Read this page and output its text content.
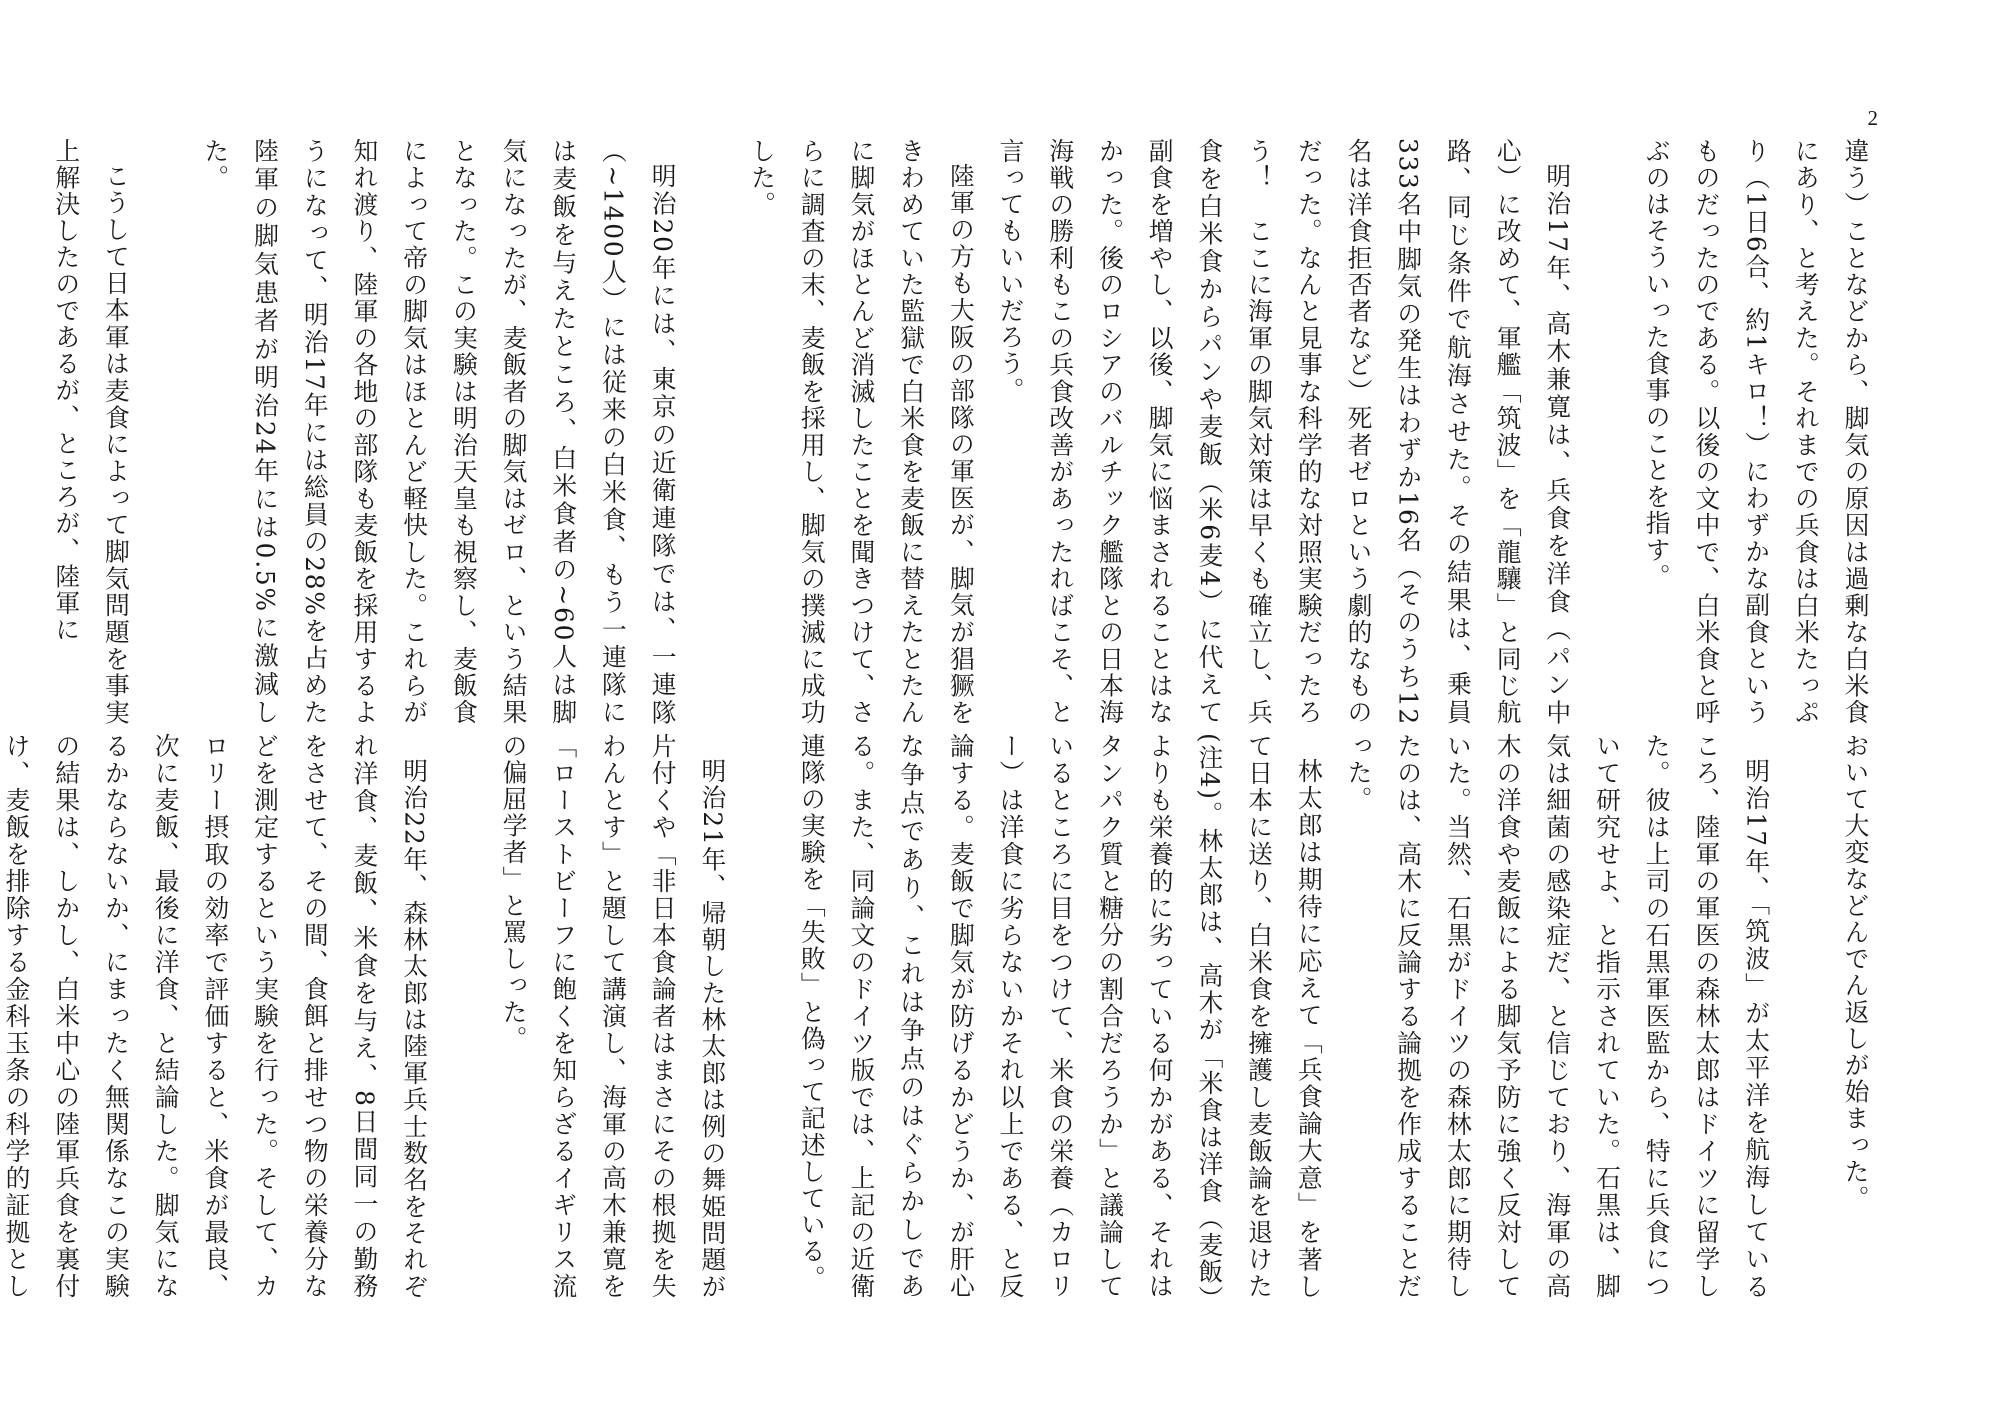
2

違う）ことなどから、脚気の原因は過剰な白米食にあり、と考えた。それまでの兵食は白米たっぷり（1日6合、約1キロ！）にわずかな副食というものだったのである。以後の文中で、白米食と呼ぶのはそういった食事のことを指す。

明治17年、高木兼寛は、兵食を洋食（パン中心）に改めて、軍艦「筑波」を「龍驤」と同じ航路、同じ条件で航海させた。その結果は、乗員333名中脚気の発生はわずか16名（そのうち12名は洋食拒否者など）死者ゼロという劇的なものだった。なんと見事な科学的な対照実験だったろう！　ここに海軍の脚気対策は早くも確立し、兵食を白米食からパンや麦飯（米6麦4）に代えて副食を増やし、以後、脚気に悩まされることはなかった。後のロシアのバルチック艦隊との日本海海戦の勝利もこの兵食改善があったればこそ、と言ってもいいだろう。

陸軍の方も大阪の部隊の軍医が、脚気が猖獗をきわめていた監獄で白米食を麦飯に替えたとたんに脚気がほとんど消滅したことを聞きつけて、さらに調査の末、麦飯を採用し、脚気の撲滅に成功した。

明治20年には、東京の近衛連隊では、一連隊（~1400人）には従来の白米食、もう一連隊には麦飯を与えたところ、白米食者の~60人は脚気になったが、麦飯者の脚気はゼロ、という結果となった。この実験は明治天皇も視察し、麦飯食によって帝の脚気はほとんど軽快した。これらが知れ渡り、陸軍の各地の部隊も麦飯を採用するようになって、明治17年には総員の28%を占めた陸軍の脚気患者が明治24年には0.5%に激減した。

こうして日本軍は麦食によって脚気問題を事実上解決したのであるが、ところが、陸軍に

おいて大変などんでん返しが始まった。

明治17年、「筑波」が太平洋を航海しているころ、陸軍の軍医の森林太郎はドイツに留学した。彼は上司の石黒軍医監から、特に兵食について研究せよ、と指示されていた。石黒は、脚気は細菌の感染症だ、と信じており、海軍の高木の洋食や麦飯による脚気予防に強く反対していた。当然、石黒がドイツの森林太郎に期待したのは、高木に反論する論拠を作成することだった。

林太郎は期待に応えて「兵食論大意」を著して日本に送り、白米食を擁護し麦飯論を退けた(注4)。林太郎は、高木が「米食は洋食（麦飯）よりも栄養的に劣っている何かがある、それはタンパク質と糖分の割合だろうか」と議論しているところに目をつけて、米食の栄養（カロリー）は洋食に劣らないかそれ以上である、と反論する。麦飯で脚気が防げるかどうか、が肝心な争点であり、これは争点のはぐらかしである。また、同論文のドイツ版では、上記の近衛連隊の実験を「失敗」と偽って記述している。

明治21年、帰朝した林太郎は例の舞姫問題が片付くや「非日本食論者はまさにその根拠を失わんとす」と題して講演し、海軍の高木兼寛を「ローストビーフに飽くを知らざるイギリス流の偏屈学者」と罵しった。

明治22年、森林太郎は陸軍兵士数名をそれぞれ洋食、麦飯、米食を与え、8日間同一の勤務をさせて、その間、食餌と排せつ物の栄養分などを測定するという実験を行った。そして、カロリー摂取の効率で評価すると、米食が最良、次に麦飯、最後に洋食、と結論した。脚気になるかならないか、にまったく無関係なこの実験の結果は、しかし、白米中心の陸軍兵食を裏付け、麦飯を排除する金科玉条の科学的証拠とし
